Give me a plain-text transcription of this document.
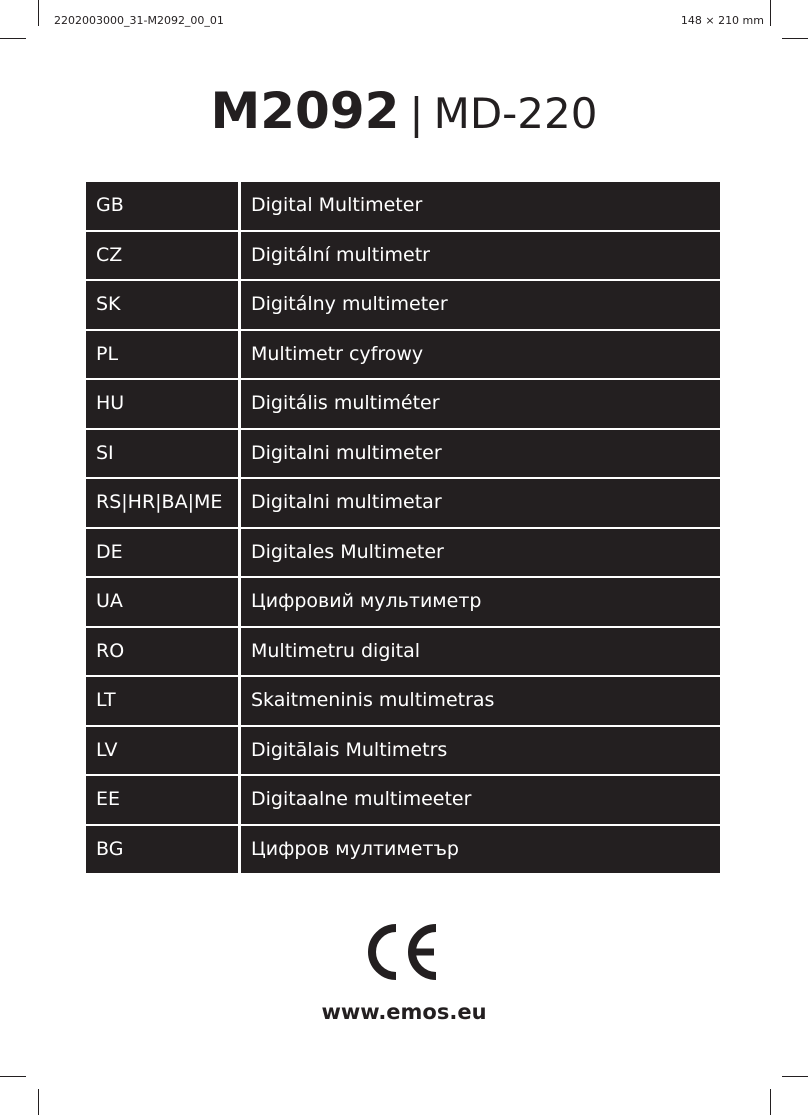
2202003000_31-M2092_00_01	148 × 210 mm
M2092 | MD-220
GB	Digital Multimeter
CZ	Digitální multimetr
SK	Digitálny multimeter
PL	Multimetr cyfrowy
HU	Digitális multiméter
SI	Digitalni multimeter
RS|HR|BA|ME	Digitalni multimetar
DE	Digitales Multimeter
UA	Цифровий мультиметр
RO	Multimetru digital
LT	Skaitmeninis multimetras
LV	Digitālais Multimetrs
EE	Digitaalne multimeeter
BG	Цифров мултиметър
www.emos.eu
